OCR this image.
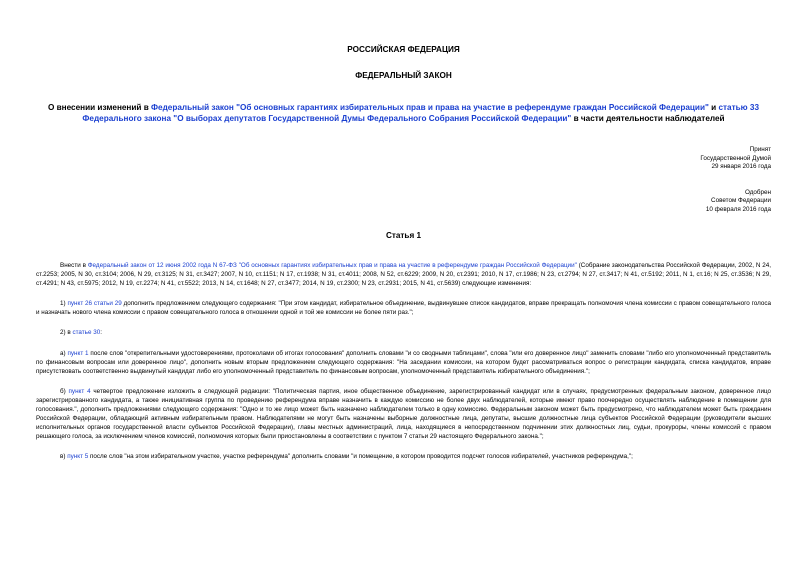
РОССИЙСКАЯ ФЕДЕРАЦИЯ
ФЕДЕРАЛЬНЫЙ ЗАКОН
О внесении изменений в Федеральный закон "Об основных гарантиях избирательных прав и права на участие в референдуме граждан Российской Федерации" и статью 33 Федерального закона "О выборах депутатов Государственной Думы Федерального Собрания Российской Федерации" в части деятельности наблюдателей
Принят
Государственной Думой
29 января 2016 года
Одобрен
Советом Федерации
10 февраля 2016 года
Статья 1

Внести в Федеральный закон от 12 июня 2002 года N 67-ФЗ "Об основных гарантиях избирательных прав и права на участие в референдуме граждан Российской Федерации" (Собрание законодательства Российской Федерации, 2002, N 24, ст.2253; 2005, N 30, ст.3104; 2006, N 29, ст.3125; N 31, ст.3427; 2007, N 10, ст.1151; N 17, ст.1938; N 31, ст.4011; 2008, N 52, ст.6229; 2009, N 20, ст.2391; 2010, N 17, ст.1986; N 23, ст.2794; N 27, ст.3417; N 41, ст.5192; 2011, N 1, ст.16; N 25, ст.3536; N 29, ст.4291; N 43, ст.5975; 2012, N 19, ст.2274; N 41, ст.5522; 2013, N 14, ст.1648; N 27, ст.3477; 2014, N 19, ст.2300; N 23, ст.2931; 2015, N 41, ст.5639) следующие изменения:

1) пункт 26 статьи 29 дополнить предложением следующего содержания: "При этом кандидат, избирательное объединение, выдвинувшее список кандидатов, вправе прекращать полномочия члена комиссии с правом совещательного голоса и назначать нового члена комиссии с правом совещательного голоса в отношении одной и той же комиссии не более пяти раз.";

2) в статье 30:

а) пункт 1 после слов "открепительными удостоверениями, протоколами об итогах голосования" дополнить словами "и со сводными таблицами", слова "или его доверенное лицо" заменить словами "либо его уполномоченный представитель по финансовым вопросам или доверенное лицо", дополнить новым вторым предложением следующего содержания: "На заседании комиссии, на котором будет рассматриваться вопрос о регистрации кандидата, списка кандидатов, вправе присутствовать соответственно выдвинутый кандидат либо его уполномоченный представитель по финансовым вопросам, уполномоченный представитель избирательного объединения.";

б) пункт 4 четвертое предложение изложить в следующей редакции: "Политическая партия, иное общественное объединение, зарегистрированный кандидат или в случаях, предусмотренных федеральным законом, доверенное лицо зарегистрированного кандидата, а также инициативная группа по проведению референдума вправе назначить в каждую комиссию не более двух наблюдателей, которые имеют право поочередно осуществлять наблюдение в помещении для голосования.", дополнить предложениями следующего содержания: "Одно и то же лицо может быть назначено наблюдателем только в одну комиссию. Федеральным законом может быть предусмотрено, что наблюдателем может быть гражданин Российской Федерации, обладающий активным избирательным правом. Наблюдателями не могут быть назначены выборные должностные лица, депутаты, высшие должностные лица субъектов Российской Федерации (руководители высших исполнительных органов государственной власти субъектов Российской Федерации), главы местных администраций, лица, находящиеся в непосредственном подчинении этих должностных лиц, судьи, прокуроры, члены комиссий с правом решающего голоса, за исключением членов комиссий, полномочия которых были приостановлены в соответствии с пунктом 7 статьи 29 настоящего Федерального закона.";

в) пункт 5 после слов "на этом избирательном участке, участке референдума" дополнить словами "и помещение, в котором проводится подсчет голосов избирателей, участников референдума,";
